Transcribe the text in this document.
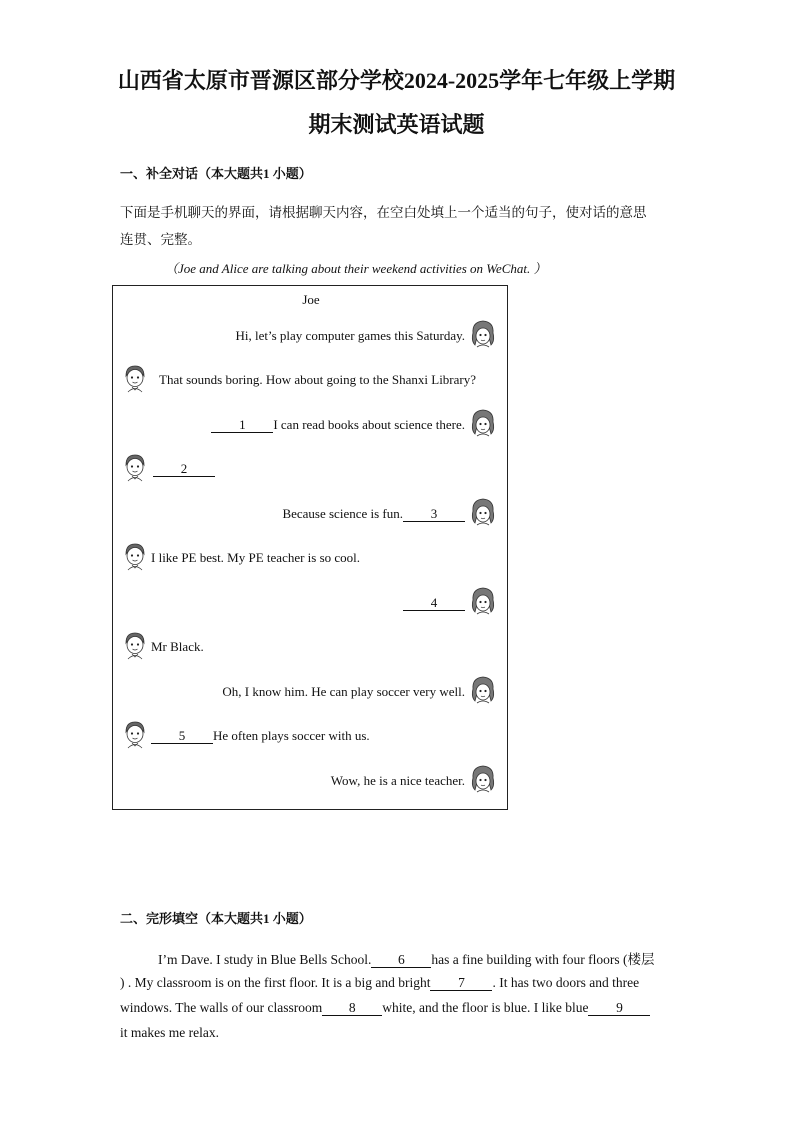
山西省太原市晋源区部分学校2024-2025学年七年级上学期
期末测试英语试题
一、补全对话（本大题共1 小题）
下面是手机聊天的界面，请根据聊天内容，在空白处填上一个适当的句子，使对话的意思
连贯、完整。
（Joe and Alice are talking about their weekend activities on WeChat. ）
Joe
Hi, let’s play computer games this Saturday.
That sounds boring. How about going to the Shanxi Library?
1 I can read books about science there.
2
Because science is fun. 3
I like PE best. My PE teacher is so cool.
4
Mr Black.
Oh, I know him. He can play soccer very well.
5 He often plays soccer with us.
Wow, he is a nice teacher.
二、完形填空（本大题共1 小题）
I’m Dave. I study in Blue Bells School. 6 has a fine building with four floors (楼层
) . My classroom is on the first floor. It is a big and bright 7 . It has two doors and three
windows. The walls of our classroom 8 white, and the floor is blue. I like blue 9
it makes me relax.
